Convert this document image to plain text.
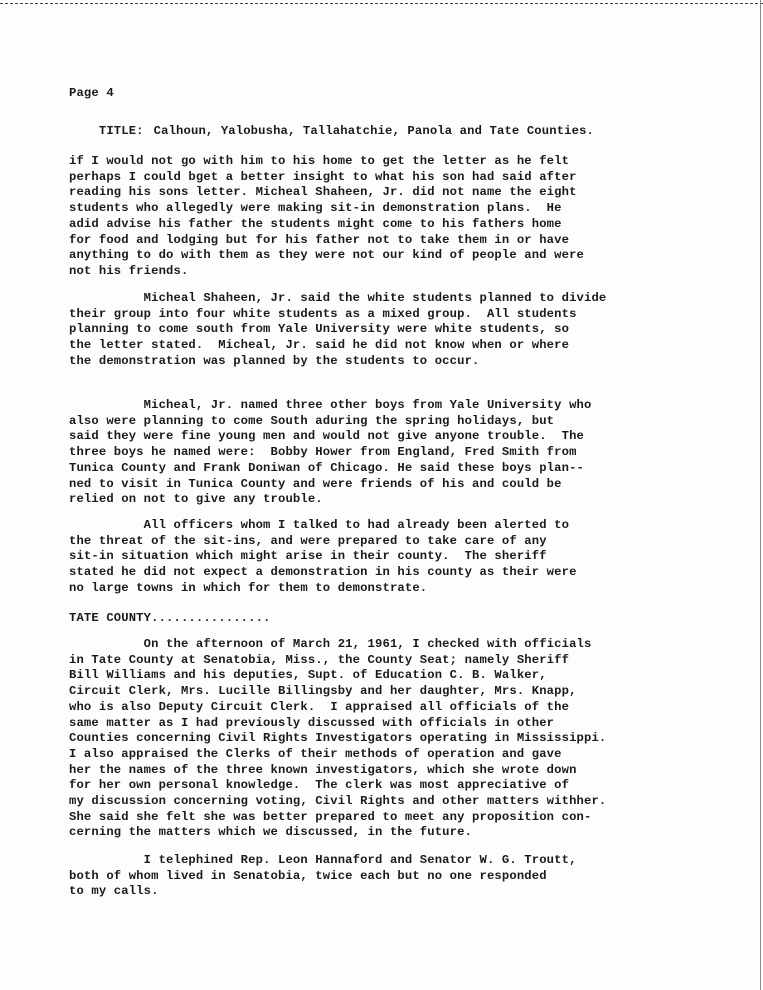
Page 4

TITLE: Calhoun, Yalobusha, Tallahatchie, Panola and Tate Counties.

if I would not go with him to his home to get the letter as he felt
perhaps I could bget a better insight to what his son had said after
reading his sons letter. Micheal Shaheen, Jr. did not name the eight
students who allegedly were making sit-in demonstration plans.  He
adid advise his father the students might come to his fathers home
for food and lodging but for his father not to take them in or have
anything to do with them as they were not our kind of people and were
not his friends.

Micheal Shaheen, Jr. said the white students planned to divide
their group into four white students as a mixed group.  All students
planning to come south from Yale University were white students, so
the letter stated.  Micheal, Jr. said he did not know when or where
the demonstration was planned by the students to occur.

Micheal, Jr. named three other boys from Yale University who
also were planning to come South aduring the spring holidays, but
said they were fine young men and would not give anyone trouble.  The
three boys he named were:  Bobby Hower from England, Fred Smith from
Tunica County and Frank Doniwan of Chicago. He said these boys plan--
ned to visit in Tunica County and were friends of his and could be
relied on not to give any trouble.

All officers whom I talked to had already been alerted to
the threat of the sit-ins, and were prepared to take care of any
sit-in situation which might arise in their county.  The sheriff
stated he did not expect a demonstration in his county as their were
no large towns in which for them to demonstrate.

TATE COUNTY................

On the afternoon of March 21, 1961, I checked with officials
in Tate County at Senatobia, Miss., the County Seat; namely Sheriff
Bill Williams and his deputies, Supt. of Education C. B. Walker,
Circuit Clerk, Mrs. Lucille Billingsby and her daughter, Mrs. Knapp,
who is also Deputy Circuit Clerk.  I appraised all officials of the
same matter as I had previously discussed with officials in other
Counties concerning Civil Rights Investigators operating in Mississippi.
I also appraised the Clerks of their methods of operation and gave
her the names of the three known investigators, which she wrote down
for her own personal knowledge.  The clerk was most appreciative of
my discussion concerning voting, Civil Rights and other matters withher.
She said she felt she was better prepared to meet any proposition con-
cerning the matters which we discussed, in the future.

I telephined Rep. Leon Hannaford and Senator W. G. Troutt,
both of whom lived in Senatobia, twice each but no one responded
to my calls.
